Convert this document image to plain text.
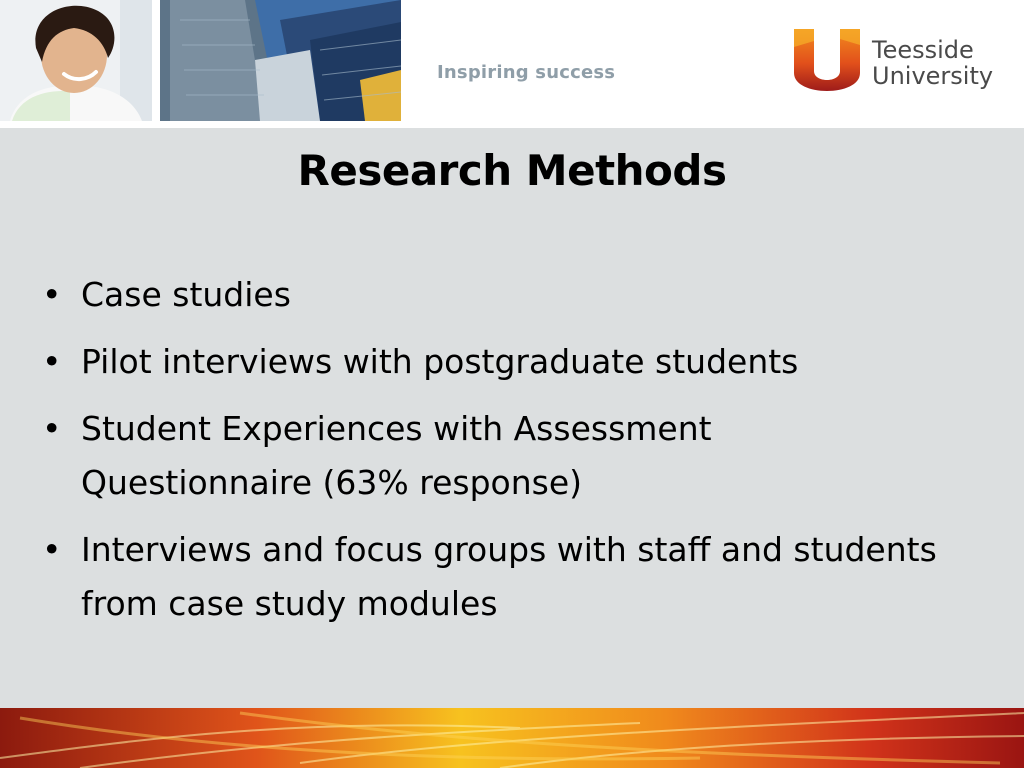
Inspiring success
Teesside
University
Research Methods
• Case studies
• Pilot interviews with postgraduate students
• Student Experiences with Assessment Questionnaire (63% response)
• Interviews and focus groups with staff and students from case study modules
